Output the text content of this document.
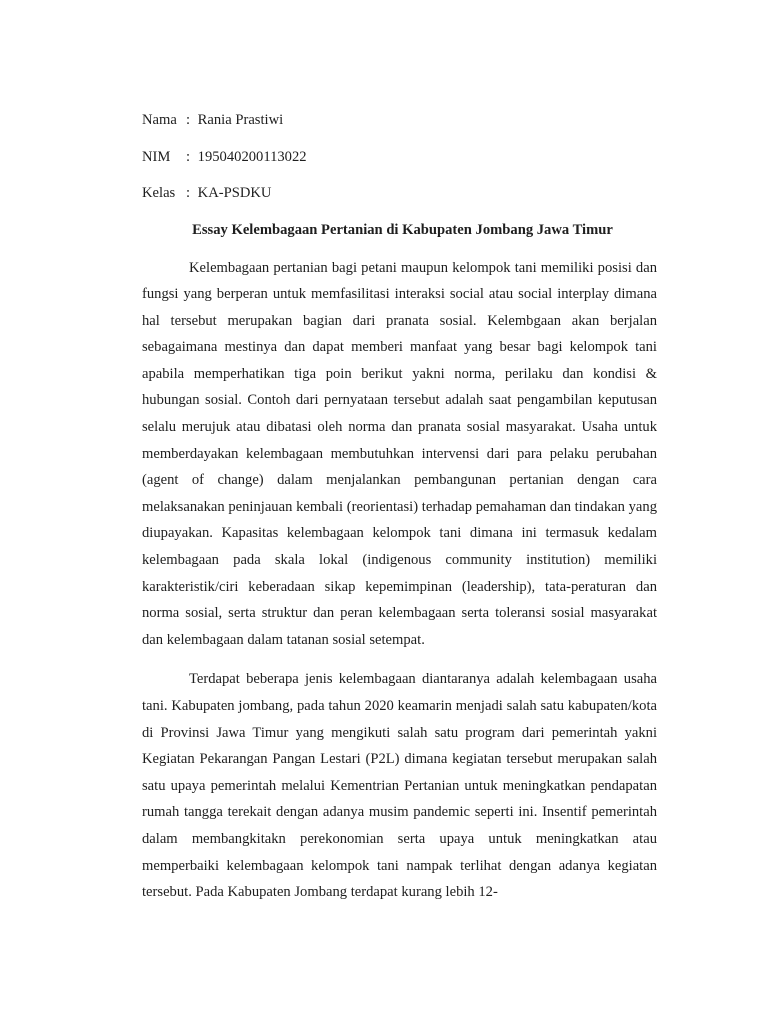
Nama : Rania Prastiwi
NIM : 195040200113022
Kelas : KA-PSDKU
Essay Kelembagaan Pertanian di Kabupaten Jombang Jawa Timur

Kelembagaan pertanian bagi petani maupun kelompok tani memiliki posisi dan fungsi yang berperan untuk memfasilitasi interaksi social atau social interplay dimana hal tersebut merupakan bagian dari pranata sosial. Kelembgaan akan berjalan sebagaimana mestinya dan dapat memberi manfaat yang besar bagi kelompok tani apabila memperhatikan tiga poin berikut yakni norma, perilaku dan kondisi & hubungan sosial. Contoh dari pernyataan tersebut adalah saat pengambilan keputusan selalu merujuk atau dibatasi oleh norma dan pranata sosial masyarakat. Usaha untuk memberdayakan kelembagaan membutuhkan intervensi dari para pelaku perubahan (agent of change) dalam menjalankan pembangunan pertanian dengan cara melaksanakan peninjauan kembali (reorientasi) terhadap pemahaman dan tindakan yang diupayakan. Kapasitas kelembagaan kelompok tani dimana ini termasuk kedalam kelembagaan pada skala lokal (indigenous community institution) memiliki karakteristik/ciri keberadaan sikap kepemimpinan (leadership), tata-peraturan dan norma sosial, serta struktur dan peran kelembagaan serta toleransi sosial masyarakat dan kelembagaan dalam tatanan sosial setempat.

Terdapat beberapa jenis kelembagaan diantaranya adalah kelembagaan usaha tani. Kabupaten jombang, pada tahun 2020 keamarin menjadi salah satu kabupaten/kota di Provinsi Jawa Timur yang mengikuti salah satu program dari pemerintah yakni Kegiatan Pekarangan Pangan Lestari (P2L) dimana kegiatan tersebut merupakan salah satu upaya pemerintah melalui Kementrian Pertanian untuk meningkatkan pendapatan rumah tangga terekait dengan adanya musim pandemic seperti ini. Insentif pemerintah dalam membangkitakn perekonomian serta upaya untuk meningkatkan atau memperbaiki kelembagaan kelompok tani nampak terlihat dengan adanya kegiatan tersebut. Pada Kabupaten Jombang terdapat kurang lebih 12-
